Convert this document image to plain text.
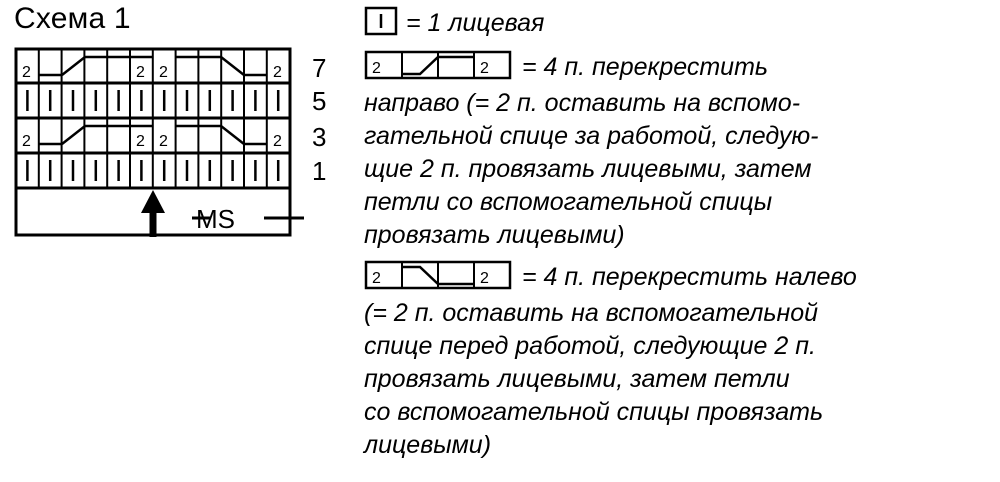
Схема 1
2	2 2	2
2	2 2	2
7
5
3
1
MS
= 1 лицевая
2	2 = 4 п. перекрестить
направо (= 2 п. оставить на вспомо-
гательной спице за работой, следую-
щие 2 п. провязать лицевыми, затем
петли со вспомогательной спицы
провязать лицевыми)
2	2 = 4 п. перекрестить налево
(= 2 п. оставить на вспомогательной
спице перед работой, следующие 2 п.
провязать лицевыми, затем петли
со вспомогательной спицы провязать
лицевыми)
